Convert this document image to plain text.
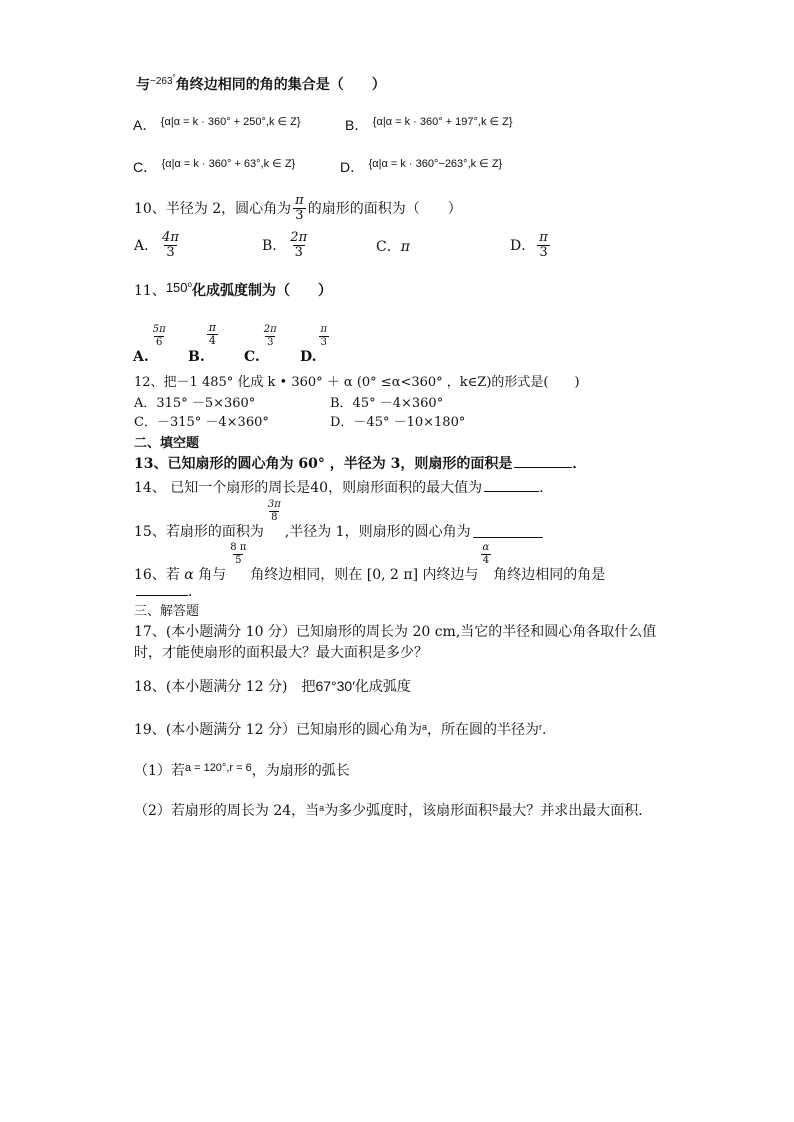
与$^{-263^\circ}$角终边相同的角的集合是（　　）
A． $^{\{\alpha|\alpha = k \cdot 360^\circ + 250^\circ,k \in Z\}}$	B． $^{\{\alpha|\alpha = k \cdot 360^\circ + 197^\circ,k \in Z\}}$
C． $^{\{\alpha|\alpha = k \cdot 360^\circ + 63^\circ,k \in Z\}}$	D． $^{\{\alpha|\alpha = k \cdot 360^\circ-263^\circ,k \in Z\}}$
10、半径为 2，圆心角为 $\frac{\pi}{3}$ 的扇形的面积为（　　）
A． $\frac{4\pi}{3}$	B． $\frac{2\pi}{3}$	C．π	D． $\frac{\pi}{3}$
11、150$^o$化成弧度制为（　　）
A.
$\frac{5\pi}{6}$
B.
$\frac{\pi}{4}$
C.
$\frac{2\pi}{3}$
D.
$\frac{\pi}{3}$
12、把－1 485° 化成 k • 360° ＋ α (0° ≤α<360° ，k∈Z)的形式是(　　)
A．315° －5×360°	B．45° －4×360°
C．－315° －4×360°	D．－45° －10×180°
二、填空题
13、已知扇形的圆心角为 60° ，半径为 3，则扇形的面积是	．
14、 已知一个扇形的周长是40，则扇形面积的最大值为	.
15、若扇形的面积为
$\frac{3\pi}{8}$
,半径为 1，则扇形的圆心角为
16、若 α 角与
$\frac{8 \pi}{5}$
角终边相同，则在 [0, 2 π] 内终边与
$\frac{\alpha}{4}$
角终边相同的角是
.
三、解答题
17、(本小题满分 10 分）已知扇形的周长为 20 cm,当它的半径和圆心角各取什么值
时，才能使扇形的面积最大？最大面积是多少？
18、(本小题满分 12 分)　把67°30′化成弧度
19、(本小题满分 12 分）已知扇形的圆心角为$^a$，所在圆的半径为$^r$.
（1）若$^{a = 120^\circ,r = 6}$，为扇形的弧长
（2）若扇形的周长为 24，当$^a$为多少弧度时，该扇形面积$^S$最大？并求出最大面积.
